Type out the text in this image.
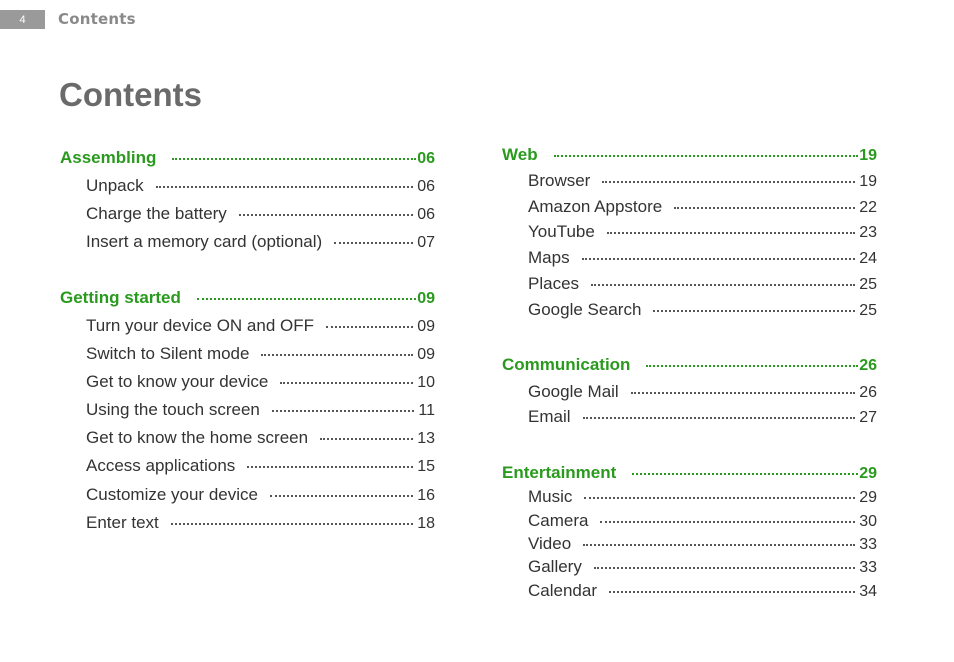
4	Contents
Contents
Assembling	06
Unpack	06
Charge the battery	06
Insert a memory card (optional)	07
Getting started	09
Turn your device ON and OFF	09
Switch to Silent mode	09
Get to know your device	10
Using the touch screen	11
Get to know the home screen	13
Access applications	15
Customize your device	16
Enter text	18
Web	19
Browser	19
Amazon Appstore	22
YouTube	23
Maps	24
Places	25
Google Search	25
Communication	26
Google Mail	26
Email	27
Entertainment	29
Music	29
Camera	30
Video	33
Gallery	33
Calendar	34
